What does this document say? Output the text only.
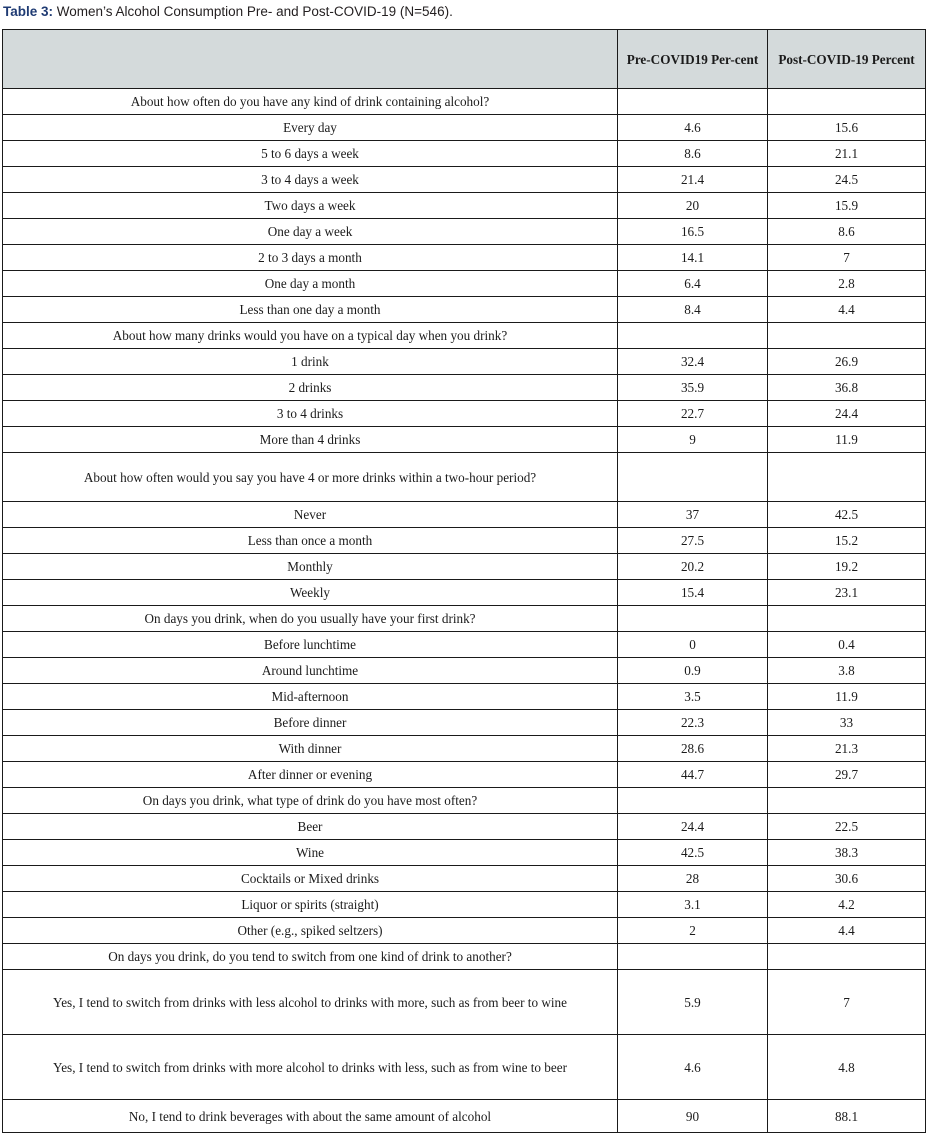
Table 3: Women’s Alcohol Consumption Pre- and Post-COVID-19 (N=546).
	Pre-COVID19 Per-cent	Post-COVID-19 Percent
About how often do you have any kind of drink containing alcohol?		
Every day	4.6	15.6
5 to 6 days a week	8.6	21.1
3 to 4 days a week	21.4	24.5
Two days a week	20	15.9
One day a week	16.5	8.6
2 to 3 days a month	14.1	7
One day a month	6.4	2.8
Less than one day a month	8.4	4.4
About how many drinks would you have on a typical day when you drink?		
1 drink	32.4	26.9
2 drinks	35.9	36.8
3 to 4 drinks	22.7	24.4
More than 4 drinks	9	11.9
About how often would you say you have 4 or more drinks within a two-hour period?		
Never	37	42.5
Less than once a month	27.5	15.2
Monthly	20.2	19.2
Weekly	15.4	23.1
On days you drink, when do you usually have your first drink?		
Before lunchtime	0	0.4
Around lunchtime	0.9	3.8
Mid-afternoon	3.5	11.9
Before dinner	22.3	33
With dinner	28.6	21.3
After dinner or evening	44.7	29.7
On days you drink, what type of drink do you have most often?		
Beer	24.4	22.5
Wine	42.5	38.3
Cocktails or Mixed drinks	28	30.6
Liquor or spirits (straight)	3.1	4.2
Other (e.g., spiked seltzers)	2	4.4
On days you drink, do you tend to switch from one kind of drink to another?		
Yes, I tend to switch from drinks with less alcohol to drinks with more, such as from beer to wine	5.9	7
Yes, I tend to switch from drinks with more alcohol to drinks with less, such as from wine to beer	4.6	4.8
No, I tend to drink beverages with about the same amount of alcohol	90	88.1
